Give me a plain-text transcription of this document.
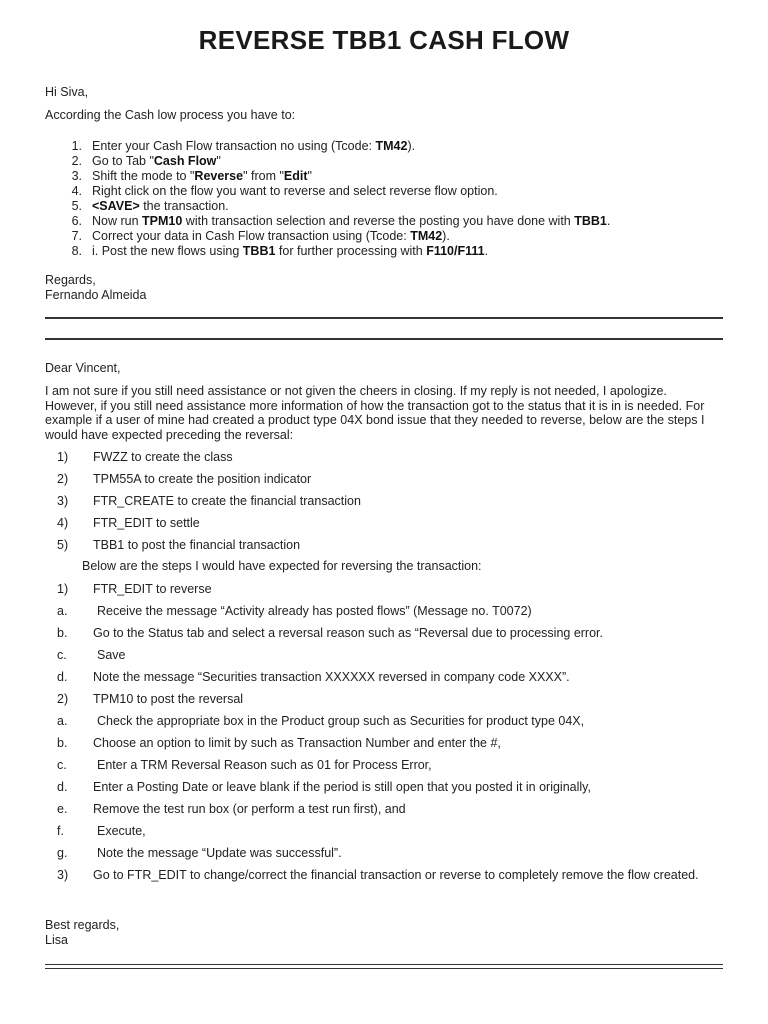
REVERSE TBB1 CASH FLOW
Hi Siva,
According the Cash low process you have to:
1. Enter your Cash Flow transaction no using (Tcode: TM42).
2. Go to Tab "Cash Flow"
3. Shift the mode to "Reverse" from "Edit"
4. Right click on the flow you want to reverse and select reverse flow option.
5. <SAVE> the transaction.
6. Now run TPM10 with transaction selection and reverse the posting you have done with TBB1.
7. Correct your data in Cash Flow transaction using (Tcode: TM42).
8. i. Post the new flows using TBB1 for further processing with F110/F111.
Regards,
Fernando Almeida
Dear Vincent,
I am not sure if you still need assistance or not given the cheers in closing. If my reply is not needed, I apologize. However, if you still need assistance more information of how the transaction got to the status that it is in is needed. For example if a user of mine had created a product type 04X bond issue that they needed to reverse, below are the steps I would have expected preceding the reversal:
1) FWZZ to create the class
2) TPM55A to create the position indicator
3) FTR_CREATE to create the financial transaction
4) FTR_EDIT to settle
5) TBB1 to post the financial transaction
Below are the steps I would have expected for reversing the transaction:
1) FTR_EDIT to reverse
a. Receive the message “Activity already has posted flows” (Message no. T0072)
b. Go to the Status tab and select a reversal reason such as “Reversal due to processing error.
c. Save
d. Note the message “Securities transaction XXXXXX reversed in company code XXXX”.
2) TPM10 to post the reversal
a. Check the appropriate box in the Product group such as Securities for product type 04X,
b. Choose an option to limit by such as Transaction Number and enter the #,
c. Enter a TRM Reversal Reason such as 01 for Process Error,
d. Enter a Posting Date or leave blank if the period is still open that you posted it in originally,
e. Remove the test run box (or perform a test run first), and
f.	Execute,
g. Note the message “Update was successful”.
3) Go to FTR_EDIT to change/correct the financial transaction or reverse to completely remove the flow created.
Best regards,
Lisa
